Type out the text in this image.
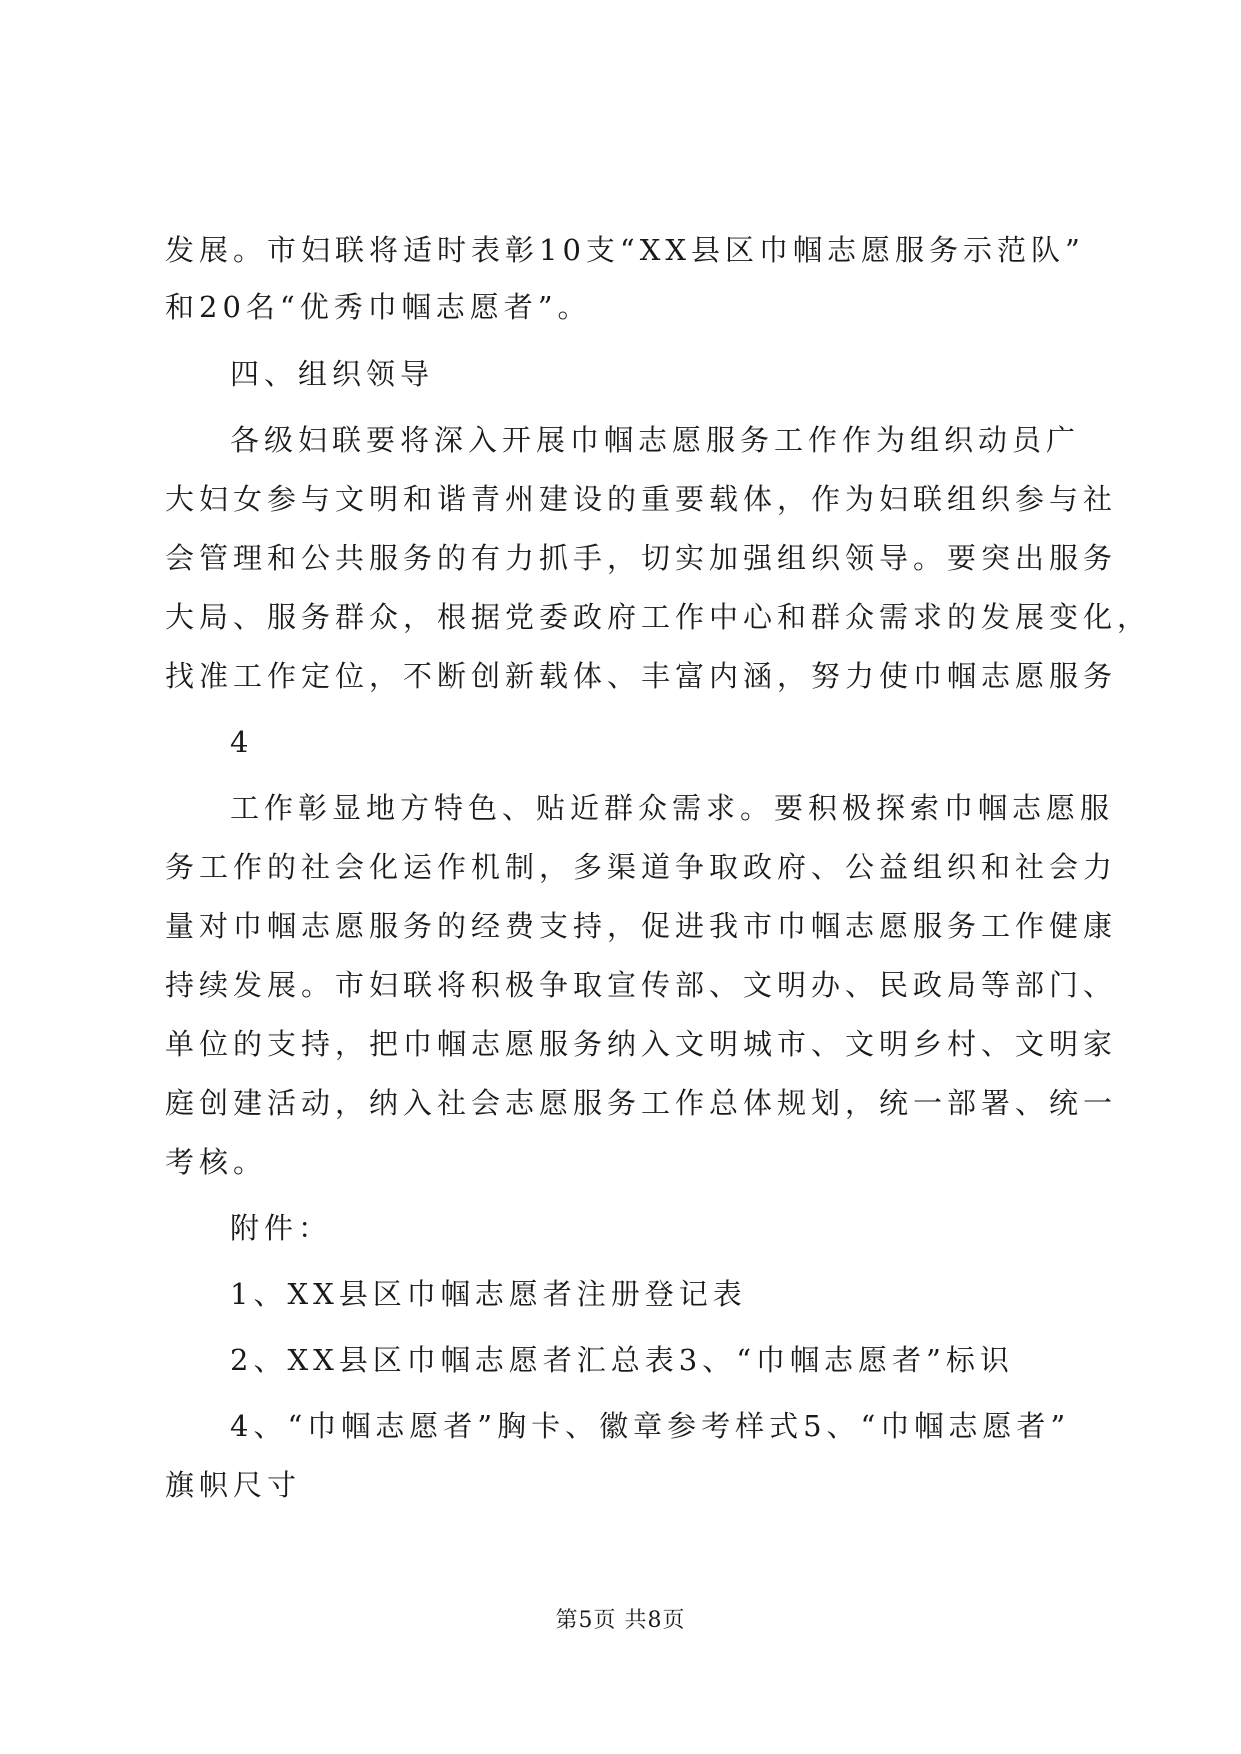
发展。市妇联将适时表彰10支“XX县区巾帼志愿服务示范队”
和20名“优秀巾帼志愿者”。
四、组织领导
各级妇联要将深入开展巾帼志愿服务工作作为组织动员广
大妇女参与文明和谐青州建设的重要载体，作为妇联组织参与社
会管理和公共服务的有力抓手，切实加强组织领导。要突出服务
大局、服务群众，根据党委政府工作中心和群众需求的发展变化，
找准工作定位，不断创新载体、丰富内涵，努力使巾帼志愿服务
4
工作彰显地方特色、贴近群众需求。要积极探索巾帼志愿服
务工作的社会化运作机制，多渠道争取政府、公益组织和社会力
量对巾帼志愿服务的经费支持，促进我市巾帼志愿服务工作健康
持续发展。市妇联将积极争取宣传部、文明办、民政局等部门、
单位的支持，把巾帼志愿服务纳入文明城市、文明乡村、文明家
庭创建活动，纳入社会志愿服务工作总体规划，统一部署、统一
考核。
附件：
1、XX县区巾帼志愿者注册登记表
2、XX县区巾帼志愿者汇总表3、“巾帼志愿者”标识
4、“巾帼志愿者”胸卡、徽章参考样式5、“巾帼志愿者”
旗帜尺寸
第5页 共8页
